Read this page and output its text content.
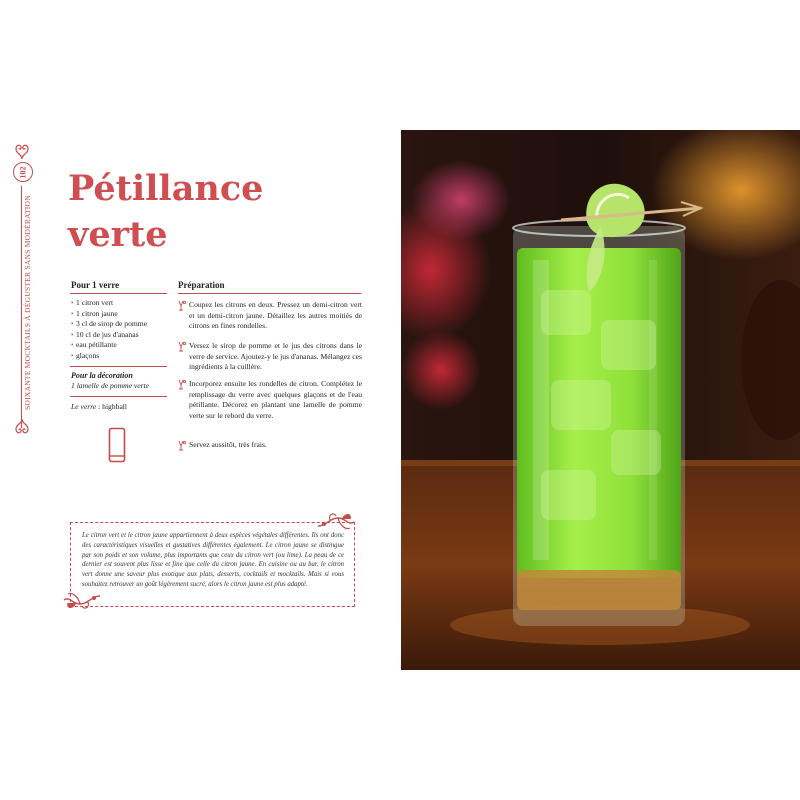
102
SOIXANTE MOCKTAILS À DÉGUSTER SANS MODÉRATION
Pétillance
verte
Pour 1 verre
• 1 citron vert
• 1 citron jaune
• 3 cl de sirop de pomme
• 10 cl de jus d'ananas
• eau pétillante
• glaçons
Pour la décoration
1 lamelle de pomme verte
Le verre : highball
Préparation

Coupez les citrons en deux. Pressez un demi-citron vert et un demi-citron jaune. Détaillez les autres moitiés de citrons en fines rondelles.

Versez le sirop de pomme et le jus des citrons dans le verre de service. Ajoutez-y le jus d'ananas. Mélangez ces ingrédients à la cuillère.

Incorporez ensuite les rondelles de citron. Complétez le remplissage du verre avec quelques glaçons et de l'eau pétillante. Décorez en plantant une lamelle de pomme verte sur le rebord du verre.

Servez aussitôt, très frais.

Le citron vert et le citron jaune appartiennent à deux espèces végétales différentes. Ils ont donc des caractéristiques visuelles et gustatives différentes également. Le citron jaune se distingue par son poids et son volume, plus importants que ceux du citron vert (ou lime). La peau de ce dernier est souvent plus lisse et fine que celle du citron jaune. En cuisine ou au bar, le citron vert donne une saveur plus exotique aux plats, desserts, cocktails et mocktails. Mais si vous souhaitez retrouver un goût légèrement sucré, alors le citron jaune est plus adapté.
